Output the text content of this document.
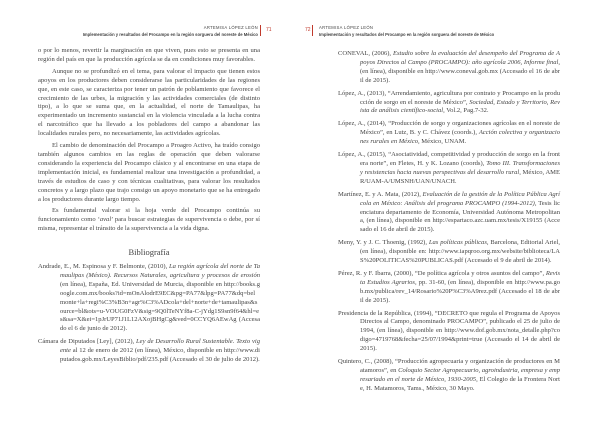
ARTEMISA LÓPEZ LEÓN
Implementación y resultados del Procampo en la región sorguera del noreste de México
71

o por lo menos, revertir la marginación en que viven, pues esto se presenta en una región del país en que la producción agrícola se da en condiciones muy favorables.

Aunque no se profundizó en el tema, para valorar el impacto que tienen estos apoyos en los productores deben considerarse las particularidades de las regiones que, en este caso, se caracteriza por tener un patrón de poblamiento que favorece el crecimiento de las urbes, la migración y las actividades comerciales (de distinto tipo), a lo que se suma que, en la actualidad, el norte de Tamaulipas, ha experimentado un incremento sustancial en la violencia vinculada a la lucha contra el narcotráfico que ha llevado a los pobladores del campo a abandonar las localidades rurales pero, no necesariamente, las actividades agrícolas.

El cambio de denominación del Procampo a Proagro Activo, ha traído consigo también algunos cambios en las reglas de operación que deben valorarse considerando la experiencia del Procampo clásico y al encontrarse en una etapa de implementación inicial, es fundamental realizar una investigación a profundidad, a través de estudios de caso y con técnicas cualitativas, para valorar los resultados concretos y a largo plazo que trajo consigo un apoyo monetario que se ha entregado a los productores durante largo tiempo.

Es fundamental valorar si la hoja verde del Procampo continúa su funcionamiento como ‘aval’ para buscar estrategias de supervivencia o debe, por sí misma, representar el tránsito de la supervivencia a la vida digna.

Bibliografía
Andrade, E., M. Espinosa y F. Belmonte, (2010), La región agrícola del norte de Tamaulipas (México). Recursos Naturales, agricultura y procesos de erosión (en línea), España, Ed. Universidad de Murcia, disponible en http://books.google.com.mx/books?id=mOnAlodrE9EC&pg=PA77&lpg=PA77&dq=belmonte+la+regi%C3%B3n+agr%C3%ADcola+del+norte+de+tamaulipas&source=bl&ots=u-VOUG0FzV&sig=9Q0lTeNYf8a-C-jYdg1S9sn9f64&hl=es&sa=X&ei=1pJrUP71J1L12AXojBHgCg&ved=0CCYQ6AEwAg (Accesado el 6 de junio de 2012).
Cámara de Diputados [Ley], (2012), Ley de Desarrollo Rural Sustentable. Texto vigente al 12 de enero de 2012 (en línea), México, disponible en http://www.diputados.gob.mx/LeyesBiblio/pdf/235.pdf (Accesado el 30 de julio de 2012).
72 ARTEMISA LÓPEZ LEÓN
Implementación y resultados del Procampo en la región sorguera del noreste de México
CONEVAL, (2006), Estudio sobre la evaluación del desempeño del Programa de Apoyos Directos al Campo (PROCAMPO): año agrícola 2006, Informe final, (en línea), disponible en http://www.coneval.gob.mx (Accesado el 16 de abril de 2015).
López, A., (2013), “Arrendamiento, agricultura por contrato y Procampo en la producción de sorgo en el noreste de México”, Sociedad, Estado y Territorio, Revista de análisis científico-social, Vol.2, Pag.7-32.
López, A., (2014), “Producción de sorgo y organizaciones agrícolas en el noreste de México”, en Lutz, B. y C. Chávez (coords.), Acción colectiva y organizaciones rurales en México, México, UNAM.
López, A., (2015), “Asociatividad, competitividad y producción de sorgo en la frontera norte”, en Fletes, H. y K. Lozano (coords), Tomo III. Transformaciones y resistencias hacia nuevas perspectivas del desarrollo rural, México, AMER/UAM-A/UMSNH/UAN/UNACH.
Martínez, E. y A. Mata, (2012), Evaluación de la gestión de la Política Pública Agrícola en México: Análisis del programa PROCAMPO (1994-2012), Tesis licenciatura departamento de Economía, Universidad Autónoma Metropolitana, (en línea), disponible en http://espartaco.azc.uam.mx/tesis/X19155 (Accesado el 16 de abril de 2015).
Meny, Y. y J. C. Thoenig, (1992), Las políticas públicas, Barcelona, Editorial Ariel, (en línea), disponible en: http://www.iapqroo.org.mx/website/biblioteca/LAS%20POLITICAS%20PUBLICAS.pdf (Accesado el 9 de abril de 2014).
Pérez, R. y F. Ibarra, (2000), “De política agrícola y otros asuntos del campo”, Revista Estudios Agrarios, pp. 31-60, (en línea), disponible en http://www.pa.gob.mx/publica/rev_14/Rosario%20P%C3%A9rez.pdf (Accesado el 18 de abril de 2015).
Presidencia de la República, (1994), “DECRETO que regula el Programa de Apoyos Directos al Campo, denominado PROCAMPO”, publicado el 25 de julio de 1994, (en línea), disponible en http://www.dof.gob.mx/nota_detalle.php?codigo=4719768&fecha=25/07/1994&print=true (Accesado el 14 de abril de 2015).
Quintero, C., (2008), “Producción agropecuaria y organización de productores en Matamoros”, en Coloquio Sector Agropecuario, agroindustria, empresa y empresariado en el norte de México, 1930-2005, El Colegio de la Frontera Norte, H. Matamoros, Tams., México, 30 Mayo.
